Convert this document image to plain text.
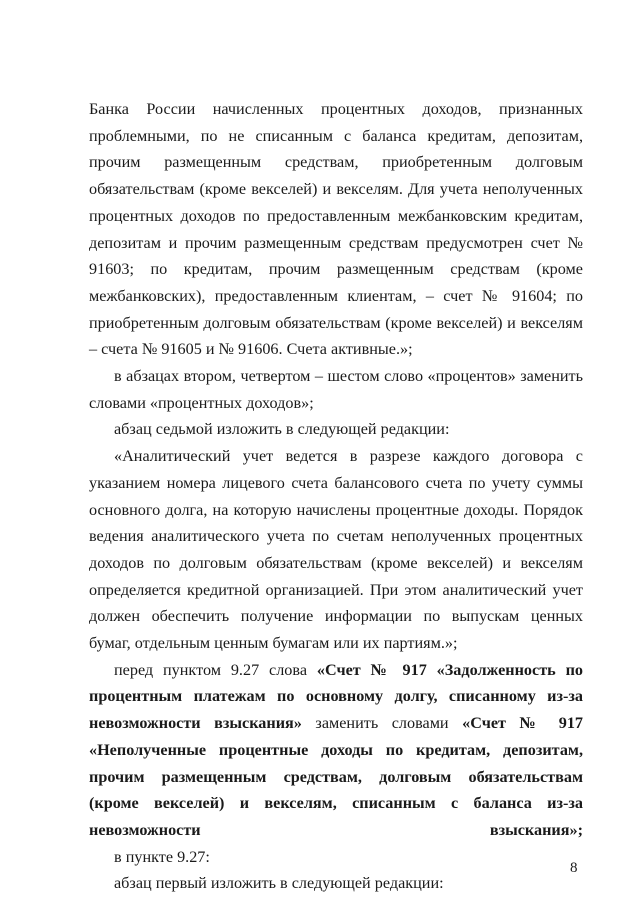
Банка России начисленных процентных доходов, признанных проблемными, по не списанным с баланса кредитам, депозитам, прочим размещенным средствам, приобретенным долговым обязательствам (кроме векселей) и векселям. Для учета неполученных процентных доходов по предоставленным межбанковским кредитам, депозитам и прочим размещенным средствам предусмотрен счет № 91603; по кредитам, прочим размещенным средствам (кроме межбанковских), предоставленным клиентам, – счет № 91604; по приобретенным долговым обязательствам (кроме векселей) и векселям – счета № 91605 и № 91606. Счета активные.»;

в абзацах втором, четвертом – шестом слово «процентов» заменить словами «процентных доходов»;

абзац седьмой изложить в следующей редакции:

«Аналитический учет ведется в разрезе каждого договора с указанием номера лицевого счета балансового счета по учету суммы основного долга, на которую начислены процентные доходы. Порядок ведения аналитического учета по счетам неполученных процентных доходов по долговым обязательствам (кроме векселей) и векселям определяется кредитной организацией. При этом аналитический учет должен обеспечить получение информации по выпускам ценных бумаг, отдельным ценным бумагам или их партиям.»;

перед пунктом 9.27 слова «Счет № 917 «Задолженность по процентным платежам по основному долгу, списанному из-за невозможности взыскания» заменить словами «Счет № 917 «Неполученные процентные доходы по кредитам, депозитам, прочим размещенным средствам, долговым обязательствам (кроме векселей) и векселям, списанным с баланса из-за невозможности взыскания»;

в пункте 9.27:

абзац первый изложить в следующей редакции:

8
